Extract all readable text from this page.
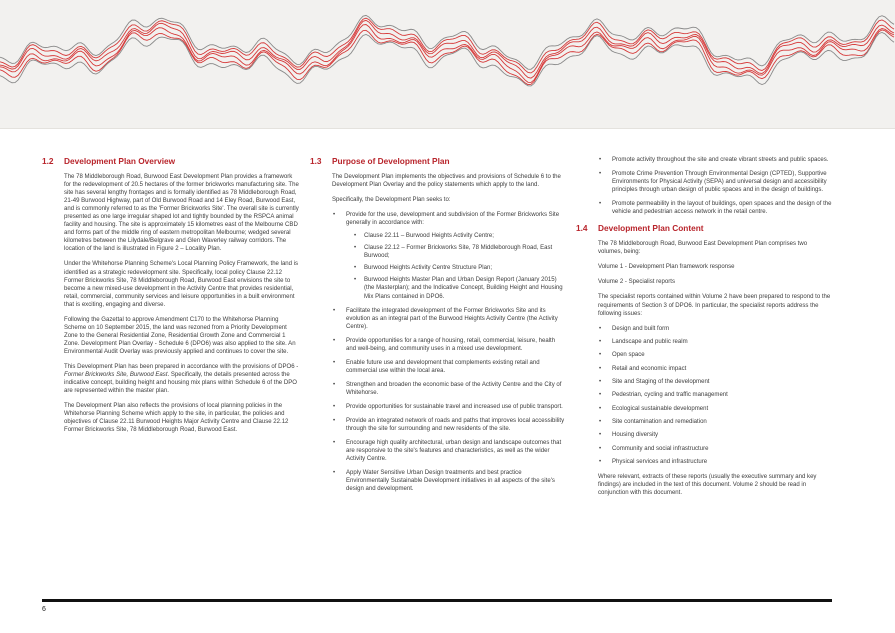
1.2 Development Plan Overview

The 78 Middleborough Road, Burwood East Development Plan provides a framework for the redevelopment of 20.5 hectares of the former brickworks manufacturing site. The site has several lengthy frontages and is formally identified as 78 Middleborough Road, 21-49 Burwood Highway, part of Old Burwood Road and 14 Eley Road, Burwood East, and is commonly referred to as the 'Former Brickworks Site'. The overall site is currently presented as one large irregular shaped lot and tightly bounded by the RSPCA animal facility and housing. The site is approximately 15 kilometres east of the Melbourne CBD and forms part of the middle ring of eastern metropolitan Melbourne; wedged several kilometres between the Lilydale/Belgrave and Glen Waverley railway corridors. The location of the land is illustrated in Figure 2 – Locality Plan.

Under the Whitehorse Planning Scheme's Local Planning Policy Framework, the land is identified as a strategic redevelopment site. Specifically, local policy Clause 22.12 Former Brickworks Site, 78 Middleborough Road, Burwood East envisions the site to become a new mixed-use development in the Activity Centre that provides residential, retail, commercial, community services and leisure opportunities in a built environment that is exciting, engaging and diverse.

Following the Gazettal to approve Amendment C170 to the Whitehorse Planning Scheme on 10 September 2015, the land was rezoned from a Priority Development Zone to the General Residential Zone, Residential Growth Zone and Commercial 1 Zone. Development Plan Overlay - Schedule 6 (DPO6) was also applied to the site. An Environmental Audit Overlay was previously applied and continues to cover the site.

This Development Plan has been prepared in accordance with the provisions of DPO6 - Former Brickworks Site, Burwood East. Specifically, the details presented across the indicative concept, building height and housing mix plans within Schedule 6 of the DPO are represented within the master plan.

The Development Plan also reflects the provisions of local planning policies in the Whitehorse Planning Scheme which apply to the site, in particular, the policies and objectives of Clause 22.11 Burwood Heights Major Activity Centre and Clause 22.12 Former Brickworks Site, 78 Middleborough Road, Burwood East.

1.3 Purpose of Development Plan

The Development Plan implements the objectives and provisions of Schedule 6 to the Development Plan Overlay and the policy statements which apply to the land.

Specifically, the Development Plan seeks to:

• Provide for the use, development and subdivision of the Former Brickworks Site generally in accordance with:
• Clause 22.11 – Burwood Heights Activity Centre;
• Clause 22.12 – Former Brickworks Site, 78 Middleborough Road, East Burwood;
• Burwood Heights Activity Centre Structure Plan;
• Burwood Heights Master Plan and Urban Design Report (January 2015) (the Masterplan); and the Indicative Concept, Building Height and Housing Mix Plans contained in DPO6.
• Facilitate the integrated development of the Former Brickworks Site and its evolution as an integral part of the Burwood Heights Activity Centre (the Activity Centre).
• Provide opportunities for a range of housing, retail, commercial, leisure, health and well-being, and community uses in a mixed use development.
• Enable future use and development that complements existing retail and commercial use within the local area.
• Strengthen and broaden the economic base of the Activity Centre and the City of Whitehorse.
• Provide opportunities for sustainable travel and increased use of public transport.
• Provide an integrated network of roads and paths that improves local accessibility through the site for surrounding and new residents of the site.
• Encourage high quality architectural, urban design and landscape outcomes that are responsive to the site's features and characteristics, as well as the wider Activity Centre.
• Apply Water Sensitive Urban Design treatments and best practice Environmentally Sustainable Development initiatives in all aspects of the site's design and development.
• Promote activity throughout the site and create vibrant streets and public spaces.
• Promote Crime Prevention Through Environmental Design (CPTED), Supportive Environments for Physical Activity (SEPA) and universal design and accessibility principles through urban design of public spaces and in the design of buildings.
• Promote permeability in the layout of buildings, open spaces and the design of the vehicle and pedestrian access network in the retail centre.
1.4 Development Plan Content

The 78 Middleborough Road, Burwood East Development Plan comprises two volumes, being:

Volume 1 - Development Plan framework response

Volume 2 - Specialist reports

The specialist reports contained within Volume 2 have been prepared to respond to the requirements of Section 3 of DPO6. In particular, the specialist reports address the following issues:

• Design and built form
• Landscape and public realm
• Open space
• Retail and economic impact
• Site and Staging of the development
• Pedestrian, cycling and traffic management
• Ecological sustainable development
• Site contamination and remediation
• Housing diversity
• Community and social infrastructure
• Physical services and infrastructure

Where relevant, extracts of these reports (usually the executive summary and key findings) are included in the text of this document. Volume 2 should be read in conjunction with this document.

6
